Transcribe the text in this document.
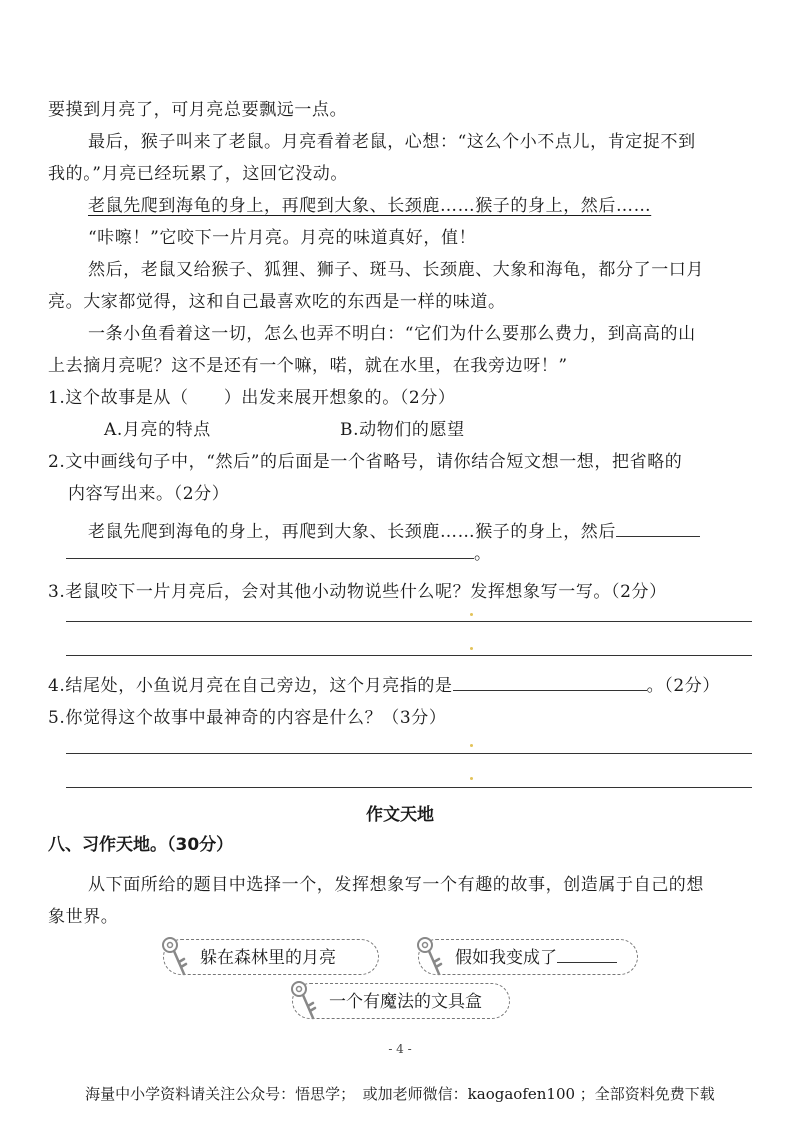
要摸到月亮了，可月亮总要飘远一点。
最后，猴子叫来了老鼠。月亮看着老鼠，心想：“这么个小不点儿，肯定捉不到
我的。”月亮已经玩累了，这回它没动。
老鼠先爬到海龟的身上，再爬到大象、长颈鹿……猴子的身上，然后……
“咔嚓！”它咬下一片月亮。月亮的味道真好，值！
然后，老鼠又给猴子、狐狸、狮子、斑马、长颈鹿、大象和海龟，都分了一口月
亮。大家都觉得，这和自己最喜欢吃的东西是一样的味道。
一条小鱼看着这一切，怎么也弄不明白：“它们为什么要那么费力，到高高的山
上去摘月亮呢？这不是还有一个嘛，喏，就在水里，在我旁边呀！”
1.这个故事是从（　　）出发来展开想象的。（2分）
A.月亮的特点	B.动物们的愿望
2.文中画线句子中，“然后”的后面是一个省略号，请你结合短文想一想，把省略的
内容写出来。（2分）
老鼠先爬到海龟的身上，再爬到大象、长颈鹿……猴子的身上，然后
。
3.老鼠咬下一片月亮后，会对其他小动物说些什么呢？发挥想象写一写。（2分）
4.结尾处，小鱼说月亮在自己旁边，这个月亮指的是	。（2分）
5.你觉得这个故事中最神奇的内容是什么？（3分）
作文天地
八、习作天地。（30分）
从下面所给的题目中选择一个，发挥想象写一个有趣的故事，创造属于自己的想
象世界。
躲在森林里的月亮	假如我变成了
一个有魔法的文具盒
- 4 -
海量中小学资料请关注公众号：悟思学；　或加老师微信：kaogaofen100 ；全部资料免费下载
